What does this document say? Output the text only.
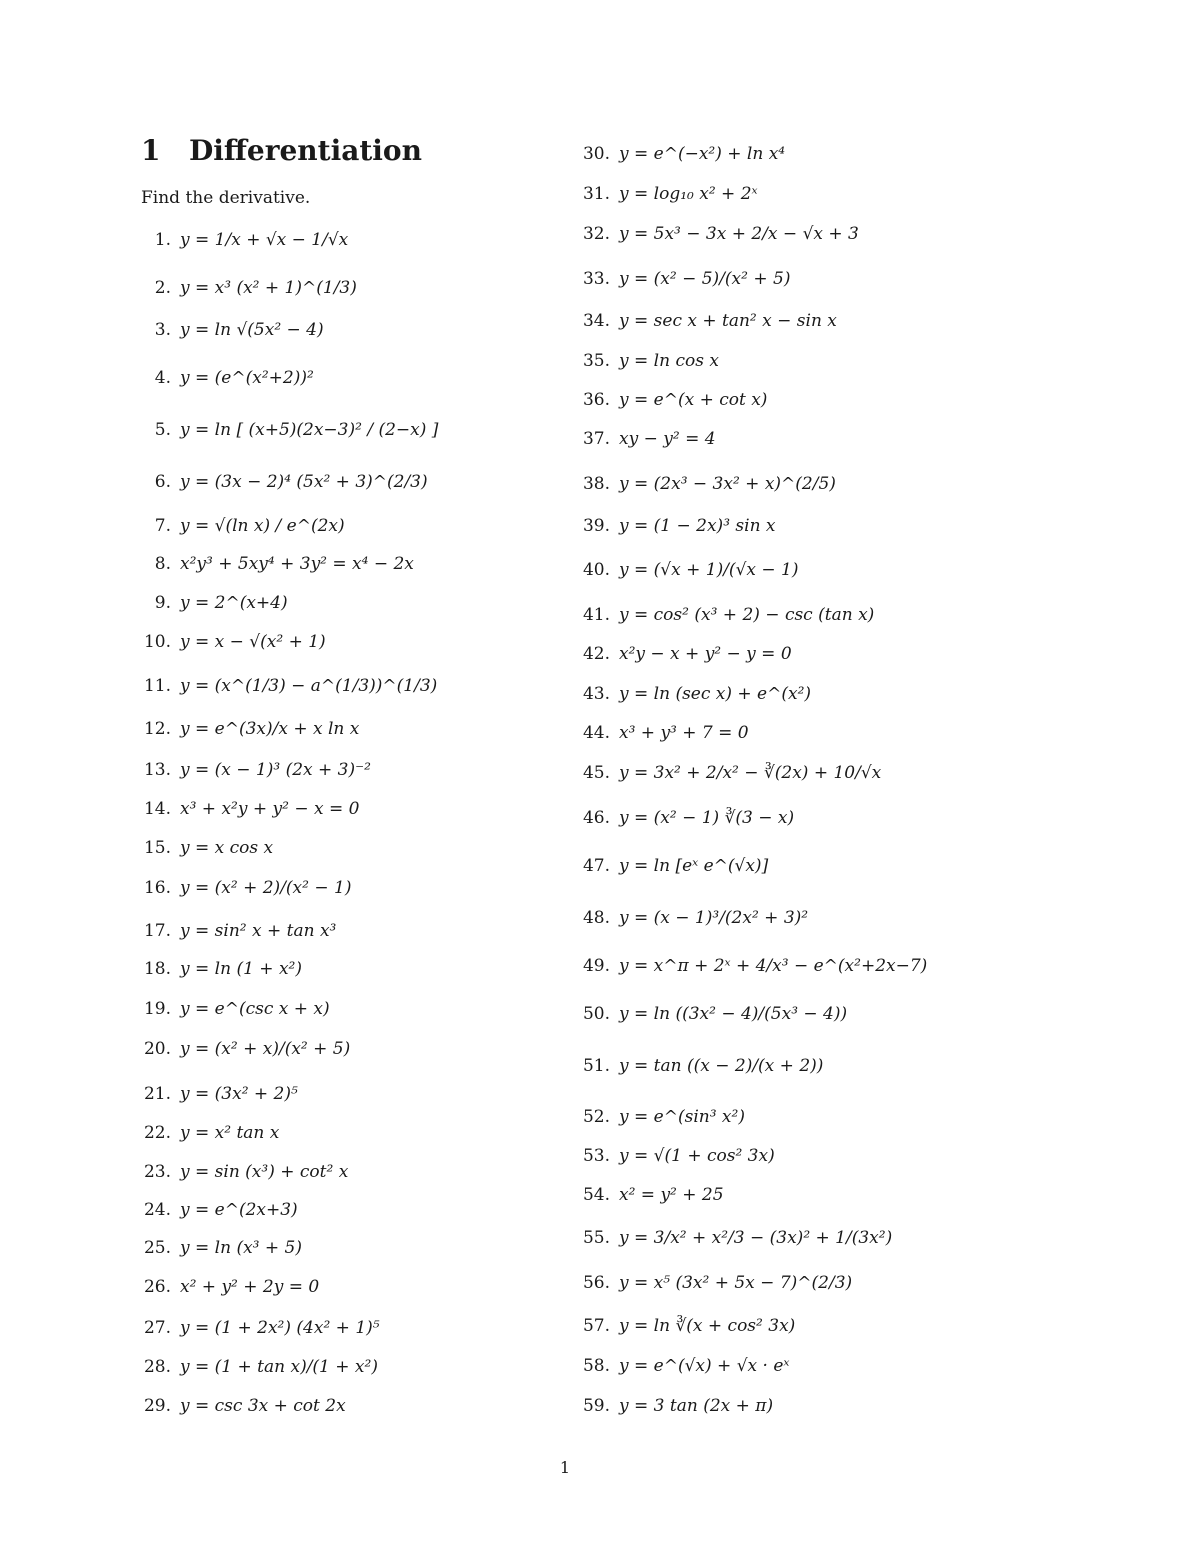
1 Differentiation
Find the derivative.
1. y = 1/x + √x − 1/√x
2. y = x³ (x² + 1)^(1/3)
3. y = ln √(5x² − 4)
4. y = (e^(x²+2))²
5. y = ln [ (x+5)(2x−3)² / (2−x) ]
6. y = (3x − 2)⁴ (5x² + 3)^(2/3)
7. y = √(ln x) / e^(2x)
8. x²y³ + 5xy⁴ + 3y² = x⁴ − 2x
9. y = 2^(x+4)
10. y = x − √(x² + 1)
11. y = (x^(1/3) − a^(1/3))^(1/3)
12. y = e^(3x)/x + x ln x
13. y = (x − 1)³ (2x + 3)⁻²
14. x³ + x²y + y² − x = 0
15. y = x cos x
16. y = (x² + 2)/(x² − 1)
17. y = sin² x + tan x³
18. y = ln (1 + x²)
19. y = e^(csc x + x)
20. y = (x² + x)/(x² + 5)
21. y = (3x² + 2)⁵
22. y = x² tan x
23. y = sin (x³) + cot² x
24. y = e^(2x+3)
25. y = ln (x³ + 5)
26. x² + y² + 2y = 0
27. y = (1 + 2x²) (4x² + 1)⁵
28. y = (1 + tan x)/(1 + x²)
29. y = csc 3x + cot 2x
30. y = e^(−x²) + ln x⁴
31. y = log₁₀ x² + 2ˣ
32. y = 5x³ − 3x + 2/x − √x + 3
33. y = (x² − 5)/(x² + 5)
34. y = sec x + tan² x − sin x
35. y = ln cos x
36. y = e^(x + cot x)
37. xy − y² = 4
38. y = (2x³ − 3x² + x)^(2/5)
39. y = (1 − 2x)³ sin x
40. y = (√x + 1)/(√x − 1)
41. y = cos² (x³ + 2) − csc (tan x)
42. x²y − x + y² − y = 0
43. y = ln (sec x) + e^(x²)
44. x³ + y³ + 7 = 0
45. y = 3x² + 2/x² − ∛(2x) + 10/√x
46. y = (x² − 1) ∛(3 − x)
47. y = ln [eˣ e^(√x)]
48. y = (x − 1)³/(2x² + 3)²
49. y = x^π + 2ˣ + 4/x³ − e^(x²+2x−7)
50. y = ln ((3x² − 4)/(5x³ − 4))
51. y = tan ((x − 2)/(x + 2))
52. y = e^(sin³ x²)
53. y = √(1 + cos² 3x)
54. x² = y² + 25
55. y = 3/x² + x²/3 − (3x)² + 1/(3x²)
56. y = x⁵ (3x² + 5x − 7)^(2/3)
57. y = ln ∛(x + cos² 3x)
58. y = e^(√x) + √x · eˣ
59. y = 3 tan (2x + π)
1
